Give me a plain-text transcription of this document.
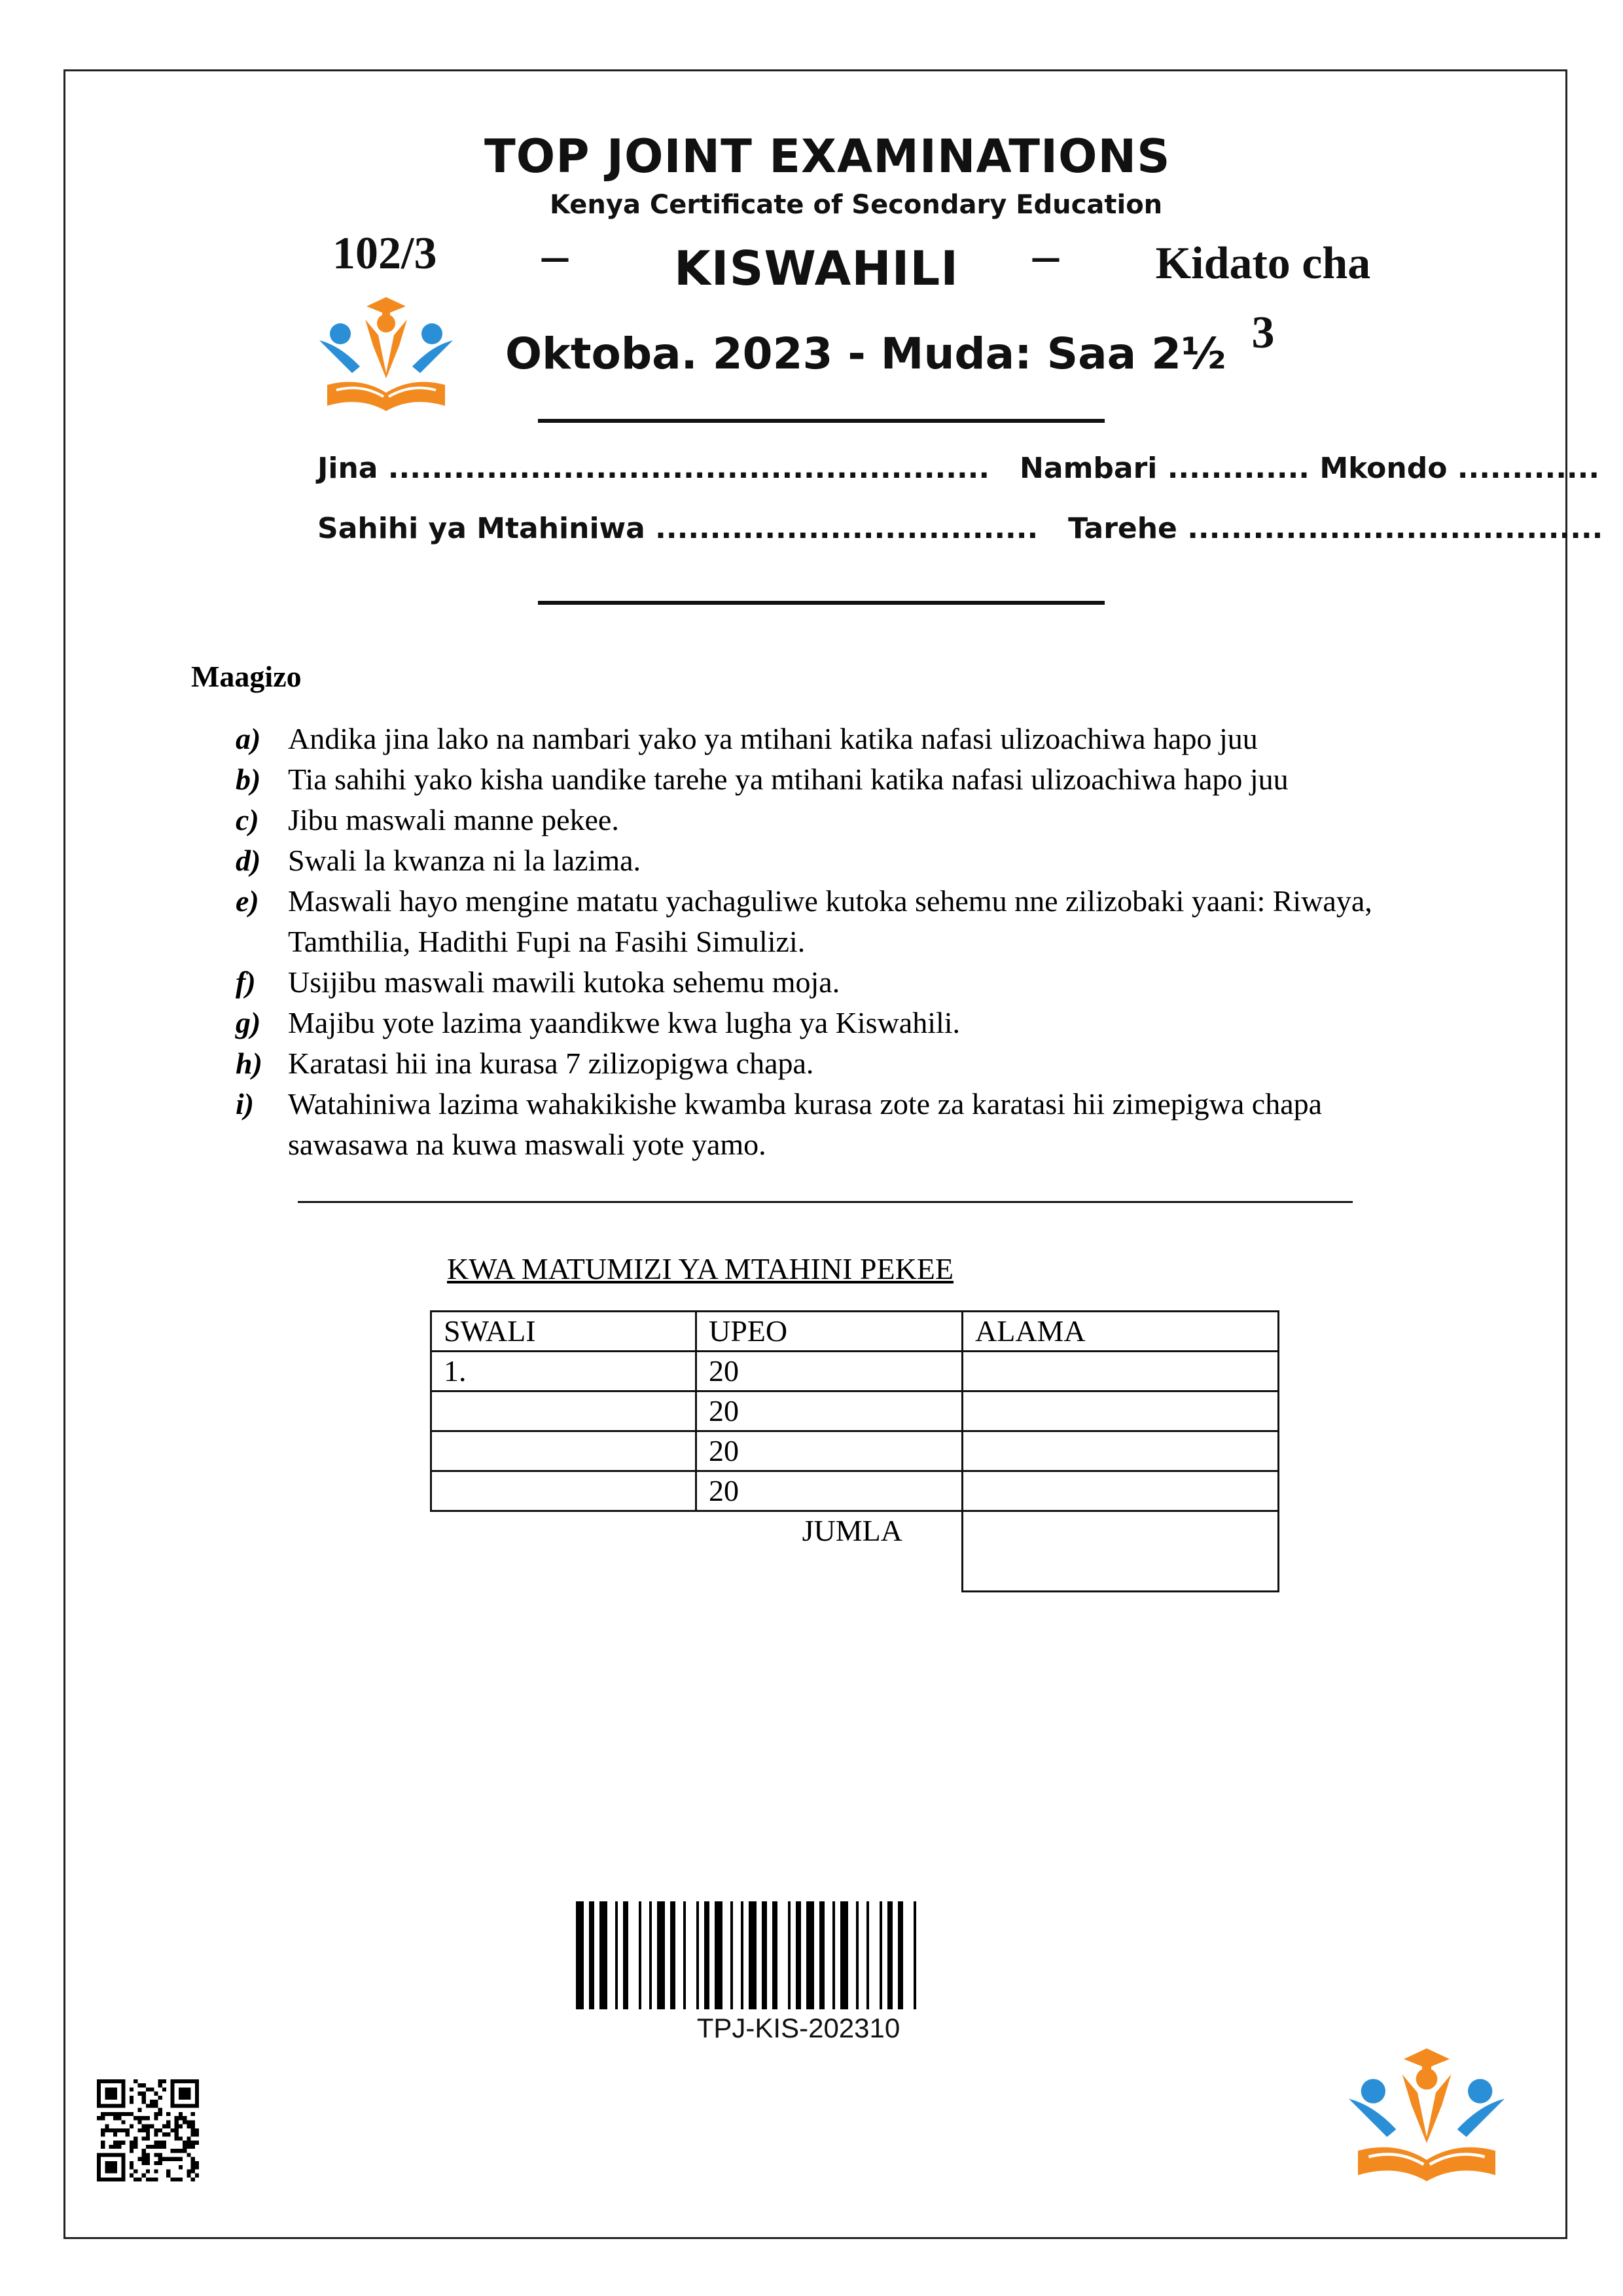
TOP JOINT EXAMINATIONS
Kenya Certificate of Secondary Education
102/3 – KISWAHILI –	Kidato cha
3
Oktoba. 2023 - Muda: Saa 2½
Jina .......................................................   Nambari ............. Mkondo .............
Sahihi ya Mtahiniwa ...................................   Tarehe ......................................
Maagizo
a) Andika jina lako na nambari yako ya mtihani katika nafasi ulizoachiwa hapo juu
b) Tia sahihi yako kisha uandike tarehe ya mtihani katika nafasi ulizoachiwa hapo juu
c) Jibu maswali manne pekee.
d) Swali la kwanza ni la lazima.
e) Maswali hayo mengine matatu yachaguliwe kutoka sehemu nne zilizobaki yaani: Riwaya, Tamthilia, Hadithi Fupi na Fasihi Simulizi.
f)	Usijibu maswali mawili kutoka sehemu moja.
g) Majibu yote lazima yaandikwe kwa lugha ya Kiswahili.
h) Karatasi hii ina kurasa 7 zilizopigwa chapa.
i)	Watahiniwa lazima wahakikishe kwamba kurasa zote za karatasi hii zimepigwa chapa sawasawa na kuwa maswali yote yamo.
KWA MATUMIZI YA MTAHINI PEKEE
SWALI	UPEO	ALAMA
1.	20	
	20	
	20	
	20	
	JUMLA	
TPJ-KIS-202310
